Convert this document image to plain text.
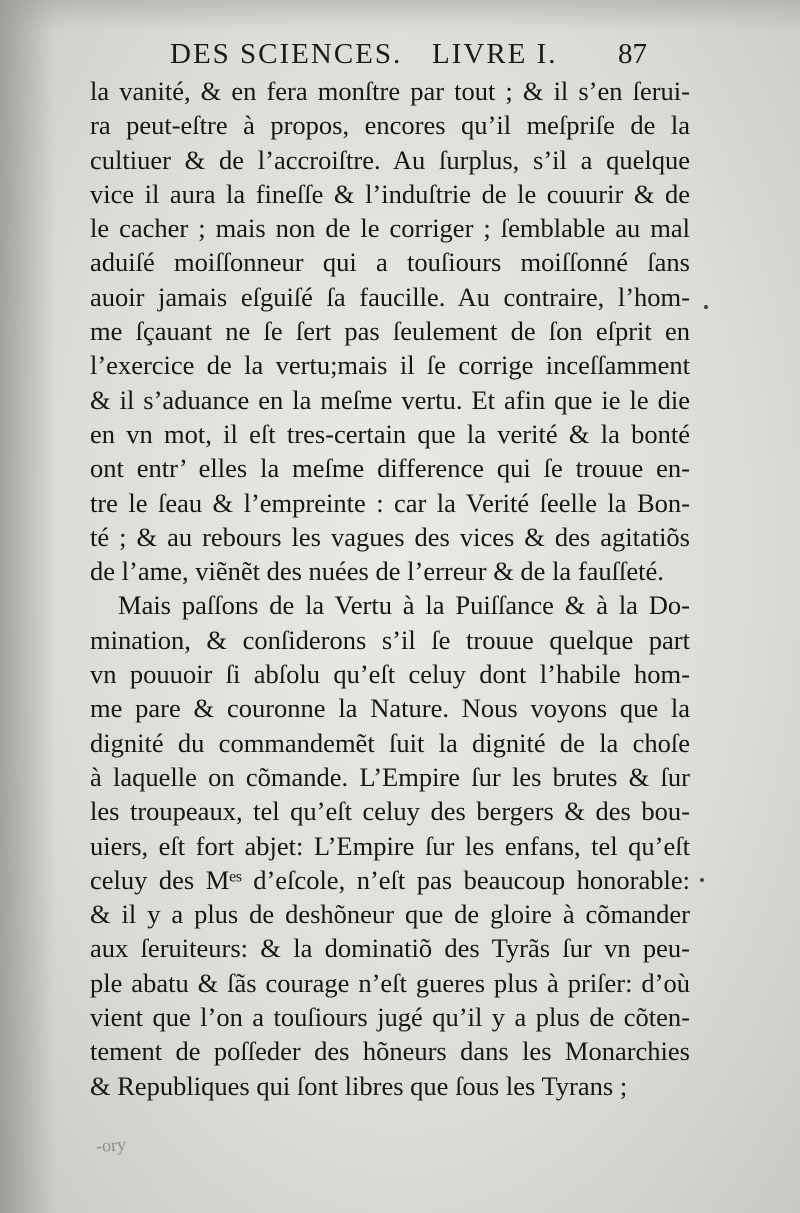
DES SCIENCES. LIVRE I. 87
la vanité, & en fera monſtre par tout ; & il s’en ſerui-
ra peut-eſtre à propos, encores qu’il meſpriſe de la
cultiuer & de l’accroiſtre. Au ſurplus, s’il a quelque
vice il aura la fineſſe & l’induſtrie de le couurir & de
le cacher ; mais non de le corriger ; ſemblable au mal
aduiſé moiſſonneur qui a touſiours moiſſonné ſans
auoir jamais eſguiſé ſa faucille. Au contraire, l’hom-
me ſçauant ne ſe ſert pas ſeulement de ſon eſprit en
l’exercice de la vertu;mais il ſe corrige inceſſamment
& il s’aduance en la meſme vertu. Et afin que ie le die
en vn mot, il eſt tres-certain que la verité & la bonté
ont entr’ elles la meſme difference qui ſe trouue en-
tre le ſeau & l’empreinte : car la Verité ſeelle la Bon-
té ; & au rebours les vagues des vices & des agitatiõs
de l’ame, viẽnẽt des nuées de l’erreur & de la fauſſeté.
Mais paſſons de la Vertu à la Puiſſance & à la Do-
mination, & conſiderons s’il ſe trouue quelque part
vn pouuoir ſi abſolu qu’eſt celuy dont l’habile hom-
me pare & couronne la Nature. Nous voyons que la
dignité du commandemẽt ſuit la dignité de la choſe
à laquelle on cõmande. L’Empire ſur les brutes & ſur
les troupeaux, tel qu’eſt celuy des bergers & des bou-
uiers, eſt fort abjet: L’Empire ſur les enfans, tel qu’eſt
celuy des Mᵉˢ d’eſcole, n’eſt pas beaucoup honorable:
& il y a plus de deshõneur que de gloire à cõmander
aux ſeruiteurs: & la dominatiõ des Tyrãs ſur vn peu-
ple abatu & ſãs courage n’eſt gueres plus à priſer: d’où
vient que l’on a touſiours jugé qu’il y a plus de cõten-
tement de poſſeder des hõneurs dans les Monarchies
& Republiques qui ſont libres que ſous les Tyrans ;
-ory
